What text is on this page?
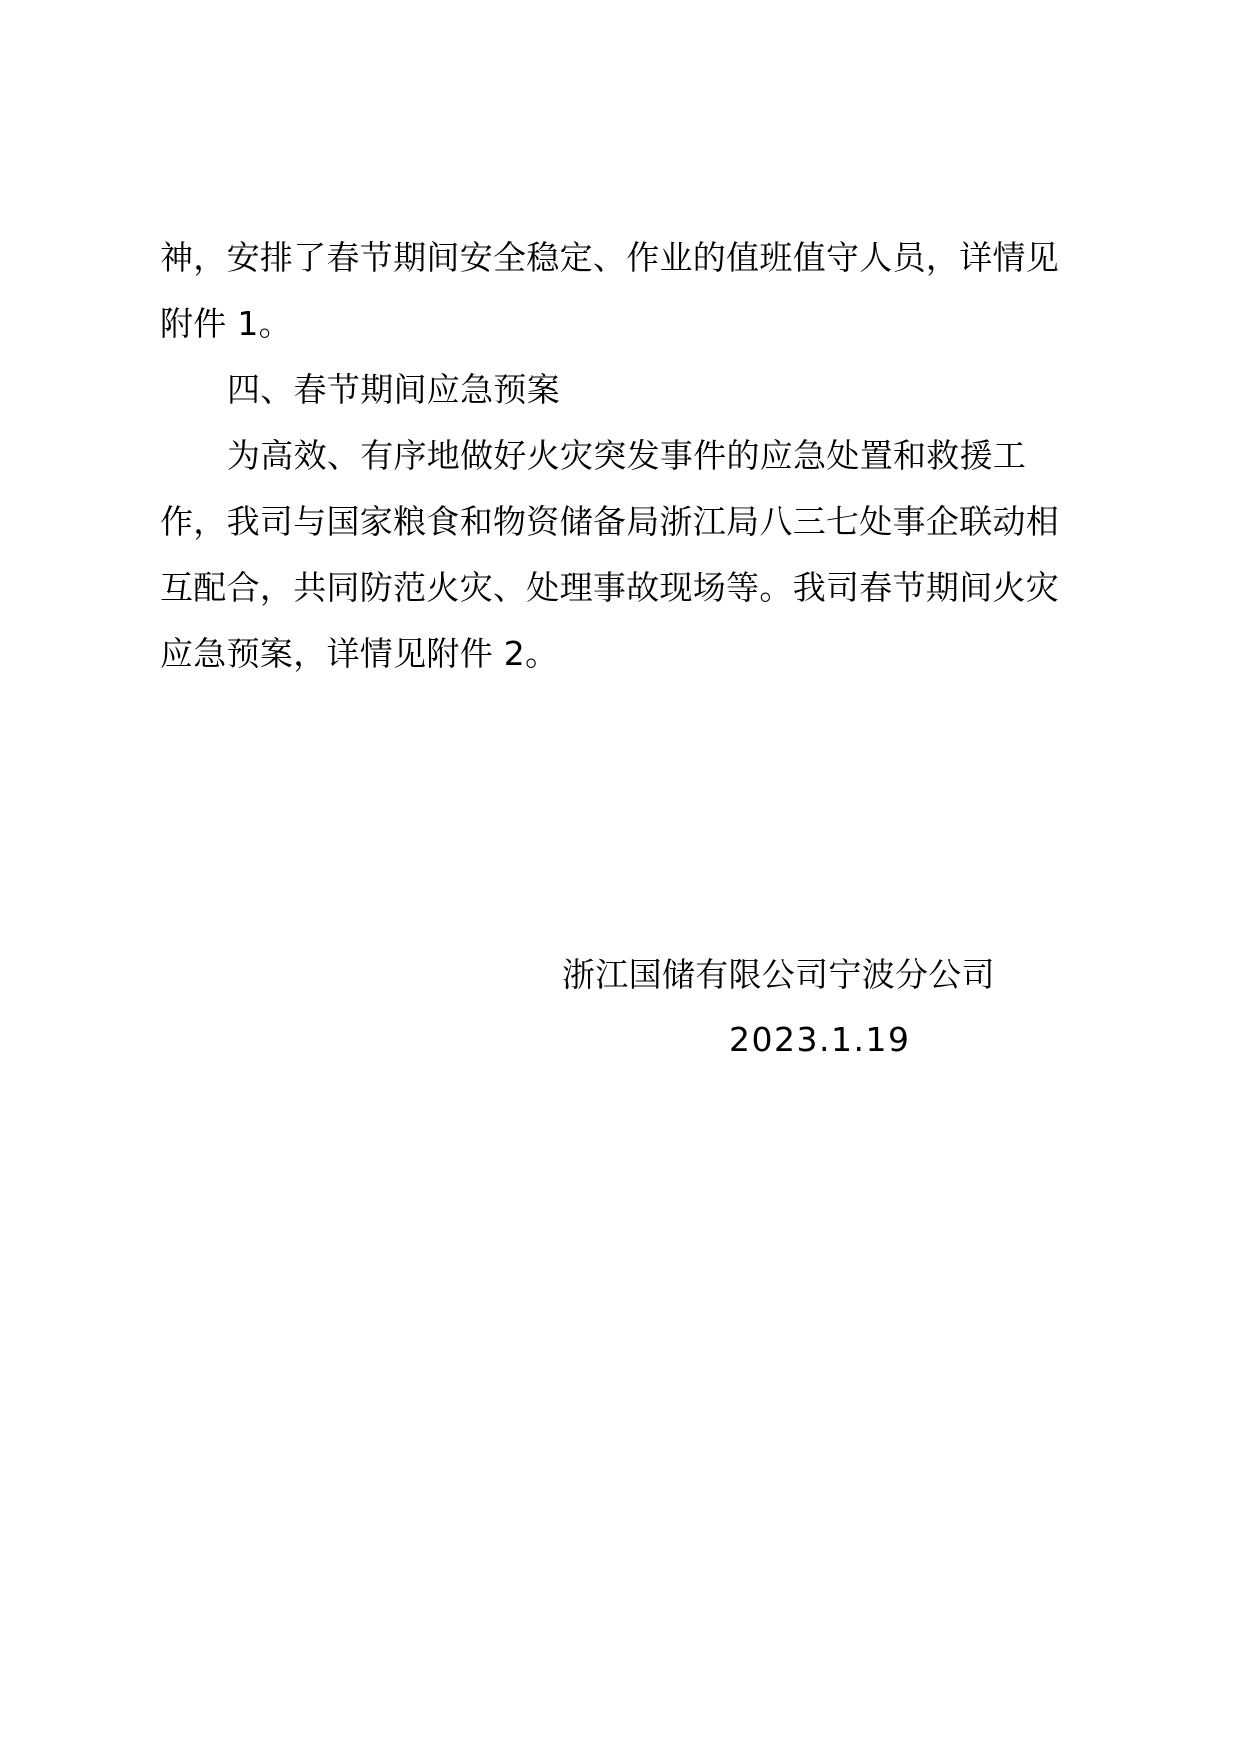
神，安排了春节期间安全稳定、作业的值班值守人员，详情见
附件 1。
四、春节期间应急预案
为高效、有序地做好火灾突发事件的应急处置和救援工
作，我司与国家粮食和物资储备局浙江局八三七处事企联动相
互配合，共同防范火灾、处理事故现场等。我司春节期间火灾
应急预案，详情见附件 2。
浙江国储有限公司宁波分公司
2023.1.19
